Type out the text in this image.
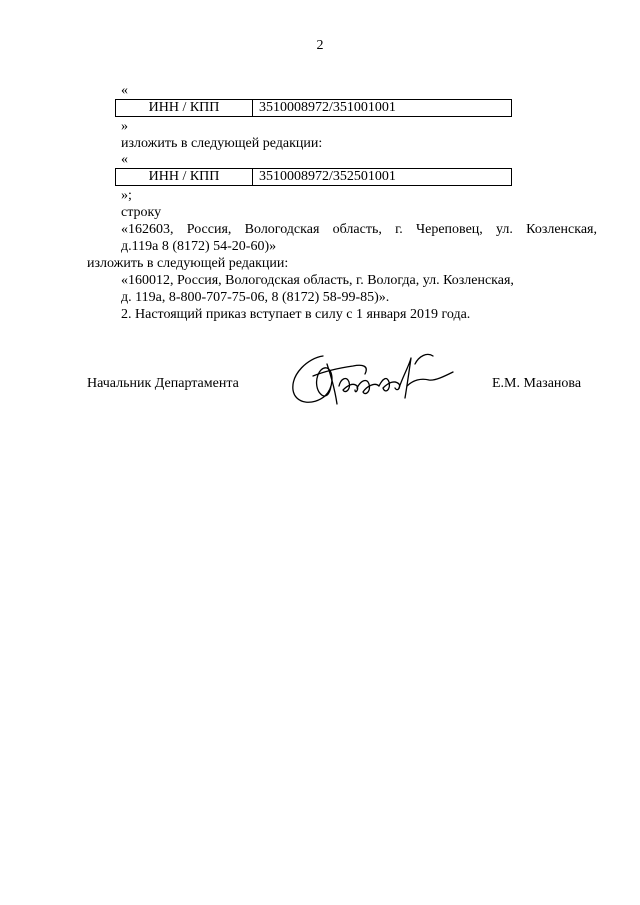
2
«
ИНН / КПП	3510008972/351001001
»
изложить в следующей редакции:
«
ИНН / КПП	3510008972/352501001
»;
строку
«162603, Россия, Вологодская область, г. Череповец, ул. Козленская,
д.119а 8 (8172) 54-20-60)»
изложить в следующей редакции:
«160012, Россия, Вологодская область, г. Вологда, ул. Козленская,
д. 119а, 8-800-707-75-06, 8 (8172) 58-99-85)».
2. Настоящий приказ вступает в силу с 1 января 2019 года.
Начальник Департамента	Е.М. Мазанова
